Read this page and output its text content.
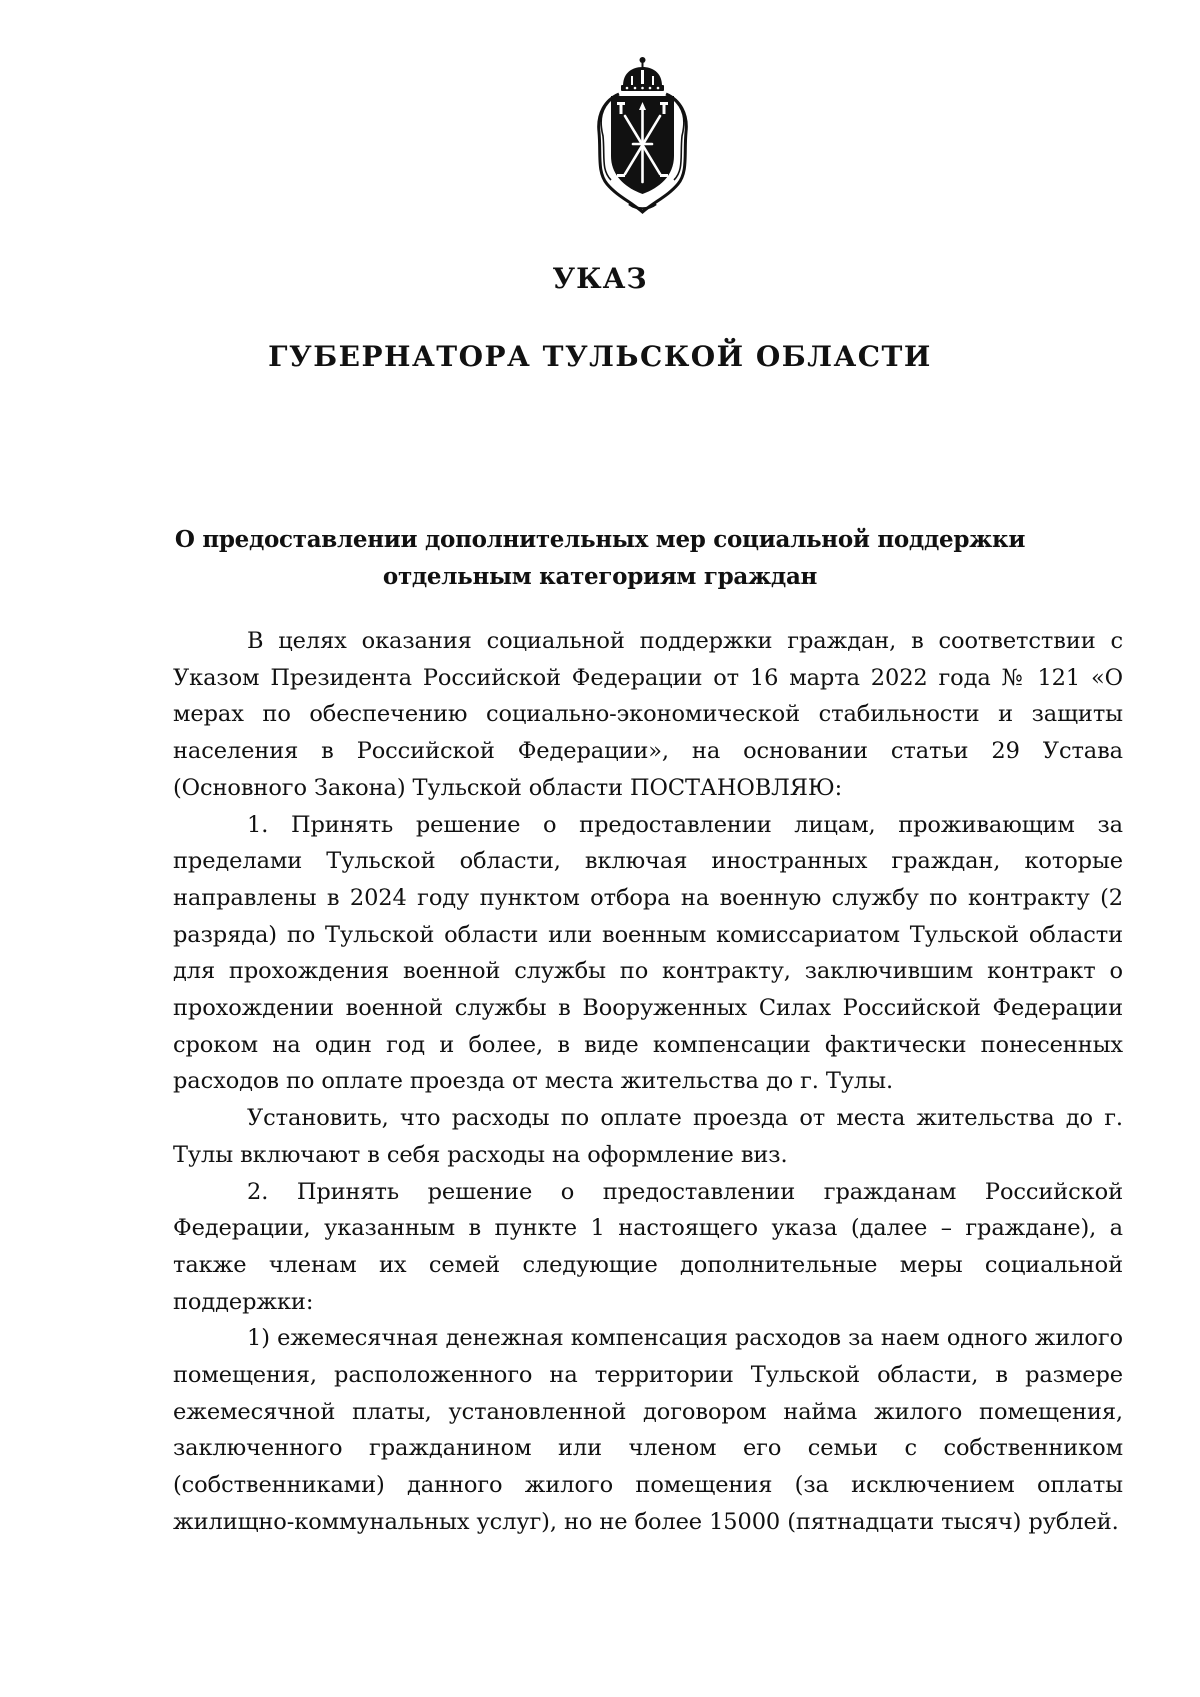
УКАЗ
ГУБЕРНАТОРА ТУЛЬСКОЙ ОБЛАСТИ
О предоставлении дополнительных мер социальной поддержки
отдельным категориям граждан

В целях оказания социальной поддержки граждан, в соответствии с Указом Президента Российской Федерации от 16 марта 2022 года № 121 «О мерах по обеспечению социально-экономической стабильности и защиты населения в Российской Федерации», на основании статьи 29 Устава (Основного Закона) Тульской области ПОСТАНОВЛЯЮ:

1. Принять решение о предоставлении лицам, проживающим за пределами Тульской области, включая иностранных граждан, которые направлены в 2024 году пунктом отбора на военную службу по контракту (2 разряда) по Тульской области или военным комиссариатом Тульской области для прохождения военной службы по контракту, заключившим контракт о прохождении военной службы в Вооруженных Силах Российской Федерации сроком на один год и более, в виде компенсации фактически понесенных расходов по оплате проезда от места жительства до г. Тулы.

Установить, что расходы по оплате проезда от места жительства до г. Тулы включают в себя расходы на оформление виз.

2. Принять решение о предоставлении гражданам Российской Федерации, указанным в пункте 1 настоящего указа (далее – граждане), а также членам их семей следующие дополнительные меры социальной поддержки:

1) ежемесячная денежная компенсация расходов за наем одного жилого помещения, расположенного на территории Тульской области, в размере ежемесячной платы, установленной договором найма жилого помещения, заключенного гражданином или членом его семьи с собственником (собственниками) данного жилого помещения (за исключением оплаты жилищно-коммунальных услуг), но не более 15000 (пятнадцати тысяч) рублей.
